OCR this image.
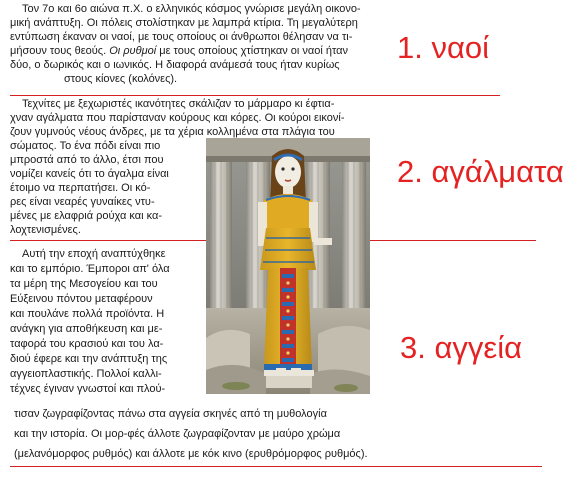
Τον 7ο και 6ο αιώνα π.Χ. ο ελληνικός κόσμος γνώρισε μεγάλη οικονο-
μική ανάπτυξη. Οι πόλεις στολίστηκαν με λαμπρά κτίρια. Τη μεγαλύτερη
εντύπωση έκαναν οι ναοί, με τους οποίους οι άνθρωποι θέλησαν να τι-
μήσουν τους θεούς. Οι ρυθμοί με τους οποίους χτίστηκαν οι ναοί ήταν
δύο, ο δωρικός και ο ιωνικός. Η διαφορά ανάμεσά τους ήταν κυρίως
στους κίονες (κολόνες).
Τεχνίτες με ξεχωριστές ικανότητες σκάλιζαν το μάρμαρο κι έφτια-
χναν αγάλματα που παρίσταναν κούρους και κόρες. Οι κούροι εικονί-
ζουν γυμνούς νέους άνδρες, με τα χέρια κολλημένα στα πλάγια του
σώματος. Το ένα πόδι είναι πιο
μπροστά από το άλλο, έτσι που
νομίζει κανείς ότι το άγαλμα είναι
έτοιμο να περπατήσει. Οι κό-
ρες είναι νεαρές γυναίκες ντυ-
μένες με ελαφριά ρούχα και κα-
λοχτενισμένες.
Αυτή την εποχή αναπτύχθηκε
και το εμπόριο. Έμποροι απ' όλα
τα μέρη της Μεσογείου και του
Εύξεινου πόντου μεταφέρουν
και πουλάνε πολλά προϊόντα. Η
ανάγκη για αποθήκευση και με-
ταφορά του κρασιού και του λα-
διού έφερε και την ανάπτυξη της
αγγειοπλαστικής. Πολλοί καλλι-
τέχνες έγιναν γνωστοί και πλού-
τισαν ζωγραφίζοντας πάνω στα αγγεία σκηνές από τη μυθολογία
και την ιστορία. Οι μορ-φές άλλοτε ζωγραφίζονταν με μαύρο χρώμα
(μελανόμορφος ρυθμός) και άλλοτε με κόκ κινο (ερυθρόμορφος ρυθμός).
1. ναοί
2. αγάλματα
3. αγγεία
